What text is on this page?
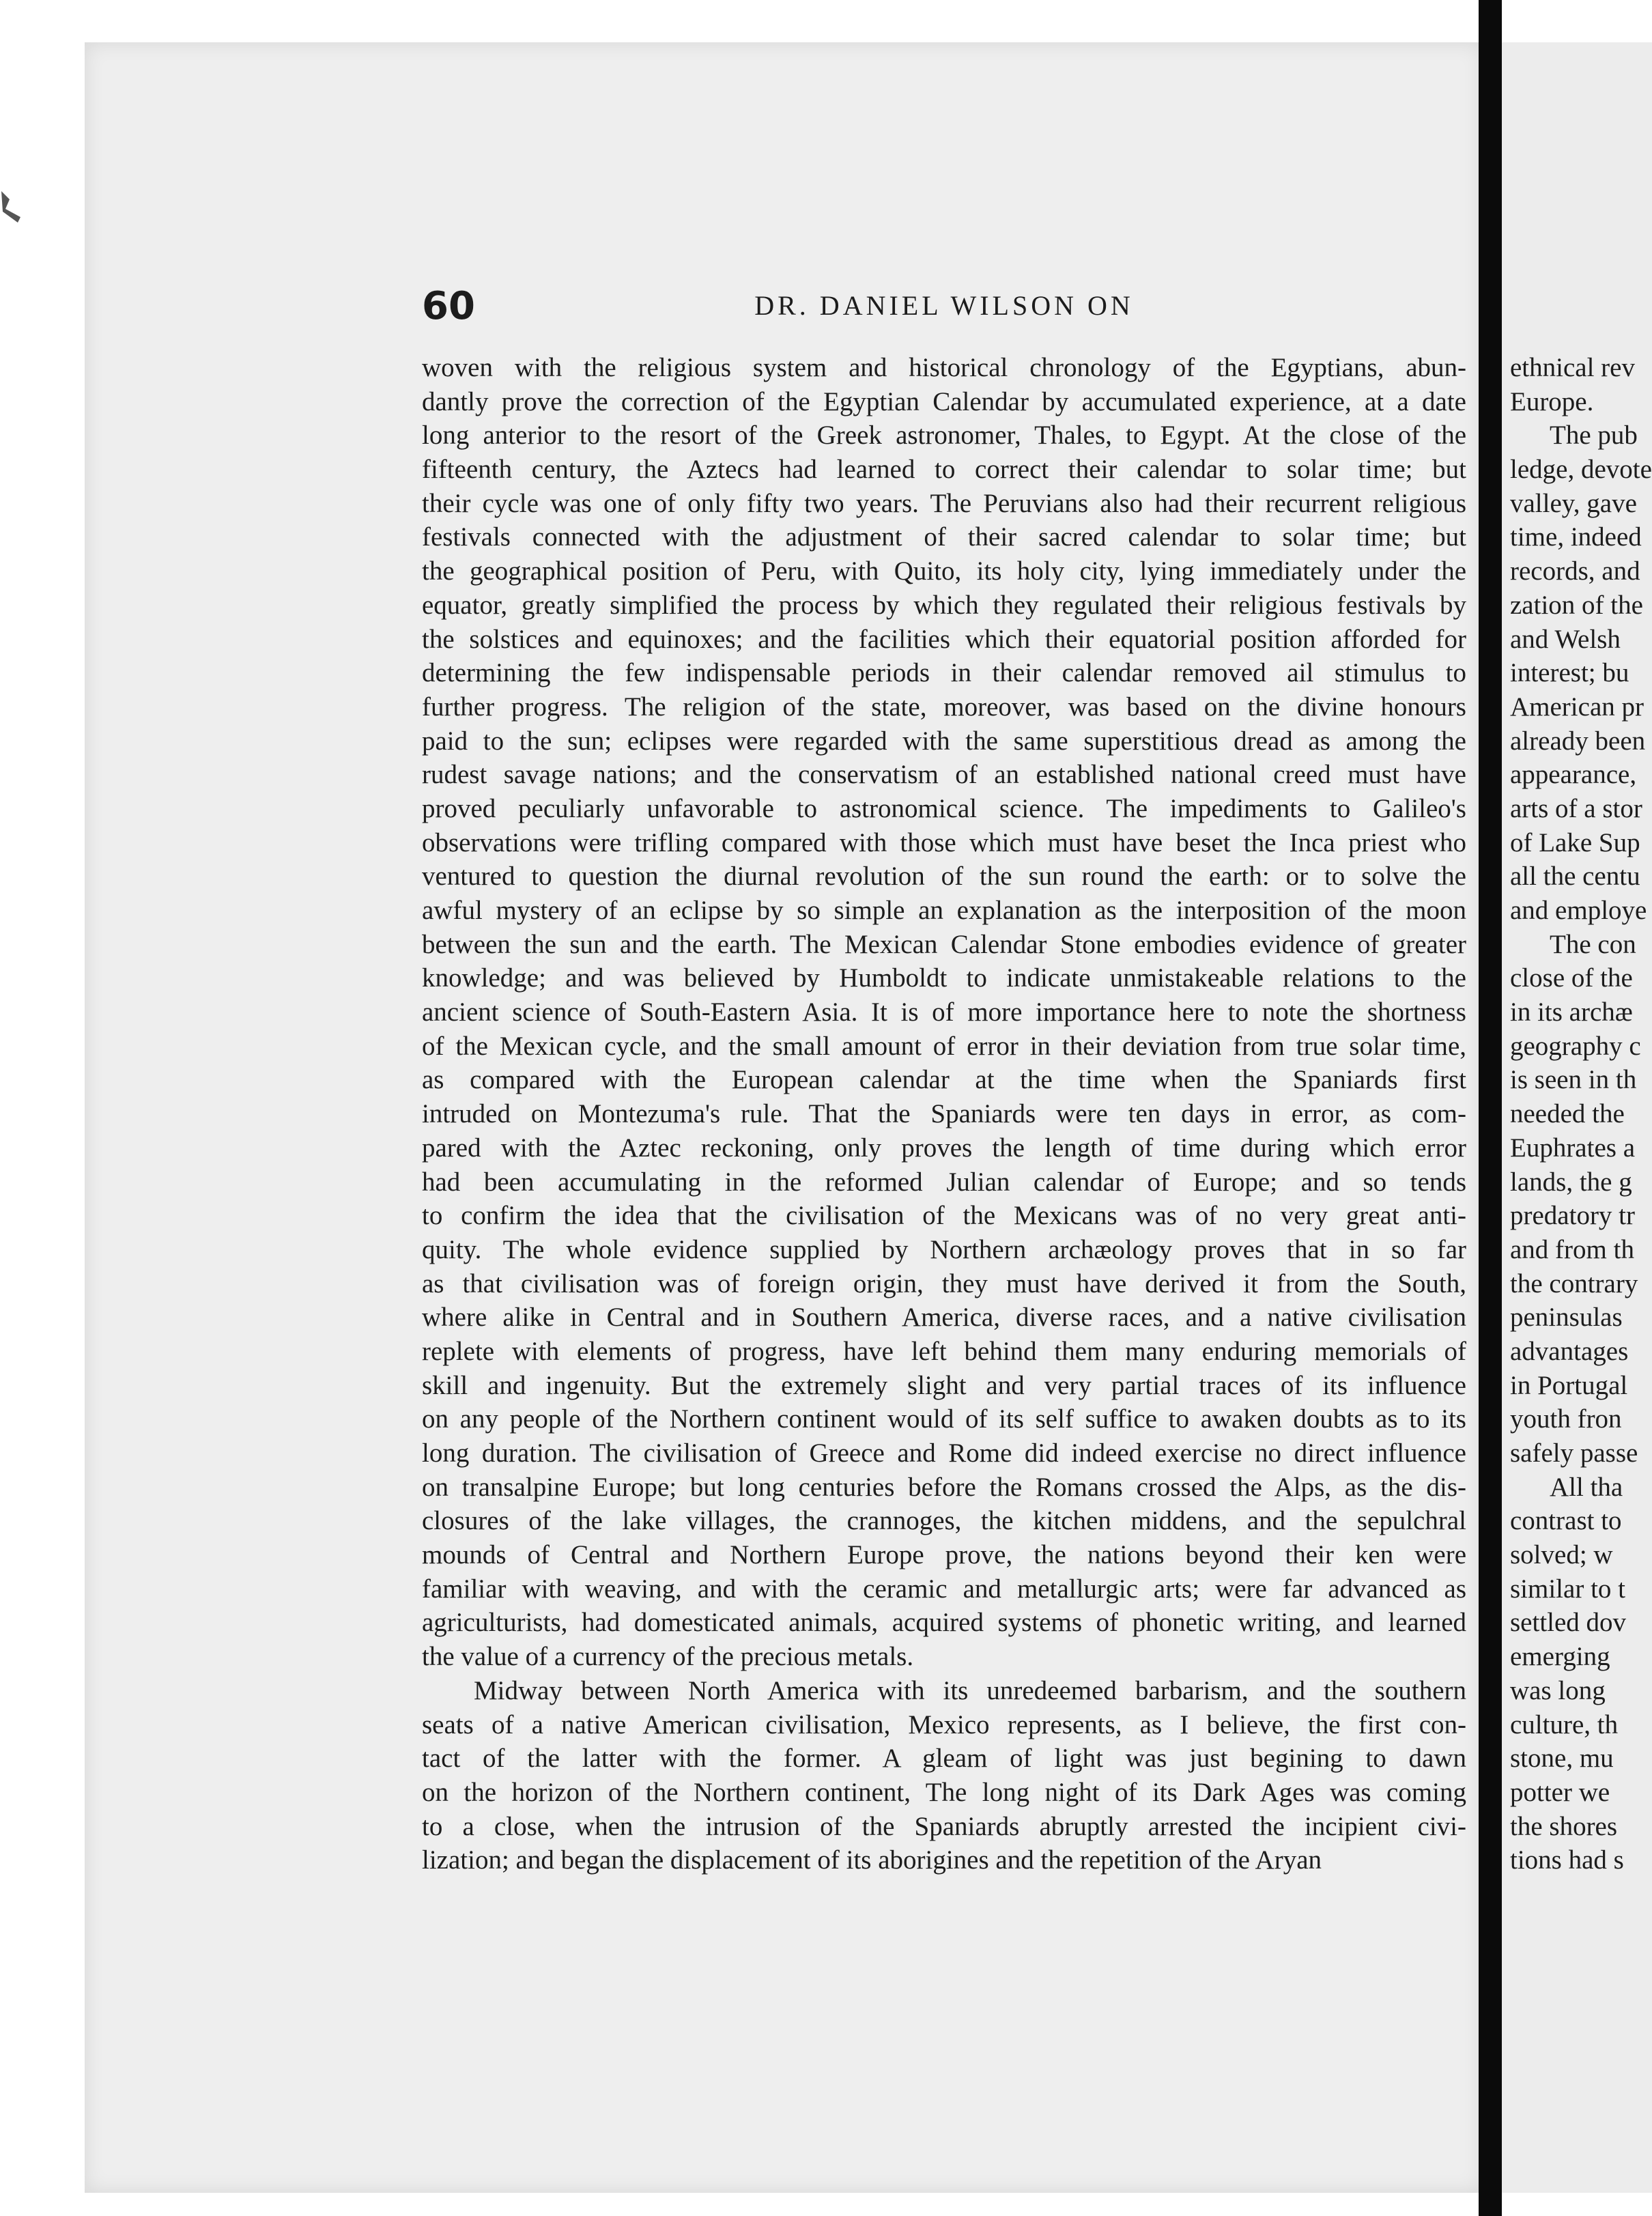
60	DR. DANIEL WILSON ON
woven with the religious system and historical chronology of the Egyptians, abun-
dantly prove the correction of the Egyptian Calendar by accumulated experience, at a date
long anterior to the resort of the Greek astronomer, Thales, to Egypt. At the close of the
fifteenth century, the Aztecs had learned to correct their calendar to solar time; but
their cycle was one of only fifty two years. The Peruvians also had their recurrent religious
festivals connected with the adjustment of their sacred calendar to solar time; but
the geographical position of Peru, with Quito, its holy city, lying immediately under the
equator, greatly simplified the process by which they regulated their religious festivals by
the solstices and equinoxes; and the facilities which their equatorial position afforded for
determining the few indispensable periods in their calendar removed ail stimulus to
further progress. The religion of the state, moreover, was based on the divine honours
paid to the sun; eclipses were regarded with the same superstitious dread as among the
rudest savage nations; and the conservatism of an established national creed must have
proved peculiarly unfavorable to astronomical science. The impediments to Galileo's
observations were trifling compared with those which must have beset the Inca priest who
ventured to question the diurnal revolution of the sun round the earth: or to solve the
awful mystery of an eclipse by so simple an explanation as the interposition of the moon
between the sun and the earth. The Mexican Calendar Stone embodies evidence of greater
knowledge; and was believed by Humboldt to indicate unmistakeable relations to the
ancient science of South-Eastern Asia. It is of more importance here to note the shortness
of the Mexican cycle, and the small amount of error in their deviation from true solar time,
as compared with the European calendar at the time when the Spaniards first
intruded on Montezuma's rule. That the Spaniards were ten days in error, as com-
pared with the Aztec reckoning, only proves the length of time during which error
had been accumulating in the reformed Julian calendar of Europe; and so tends
to confirm the idea that the civilisation of the Mexicans was of no very great anti-
quity. The whole evidence supplied by Northern archæology proves that in so far
as that civilisation was of foreign origin, they must have derived it from the South,
where alike in Central and in Southern America, diverse races, and a native civilisation
replete with elements of progress, have left behind them many enduring memorials of
skill and ingenuity. But the extremely slight and very partial traces of its influence
on any people of the Northern continent would of its self suffice to awaken doubts as to its
long duration. The civilisation of Greece and Rome did indeed exercise no direct influence
on transalpine Europe; but long centuries before the Romans crossed the Alps, as the dis-
closures of the lake villages, the crannoges, the kitchen middens, and the sepulchral
mounds of Central and Northern Europe prove, the nations beyond their ken were
familiar with weaving, and with the ceramic and metallurgic arts; were far advanced as
agriculturists, had domesticated animals, acquired systems of phonetic writing, and learned
the value of a currency of the precious metals.
Midway between North America with its unredeemed barbarism, and the southern
seats of a native American civilisation, Mexico represents, as I believe, the first con-
tact of the latter with the former. A gleam of light was just begining to dawn
on the horizon of the Northern continent, The long night of its Dark Ages was coming
to a close, when the intrusion of the Spaniards abruptly arrested the incipient civi-
lization; and began the displacement of its aborigines and the repetition of the Aryan
ethnical rev
Europe.
The pub
ledge, devote
valley, gave
time, indeed
records, and
zation of the
and Welsh
interest; bu
American pr
already been
appearance,
arts of a stor
of Lake Sup
all the centu
and employe
The con
close of the
in its archæ
geography c
is seen in th
needed the
Euphrates a
lands, the g
predatory tr
and from th
the contrary
peninsulas
advantages
in Portugal
youth fron
safely passe
All tha
contrast to
solved; w
similar to t
settled dov
emerging
was long
culture, th
stone, mu
potter we
the shores
tions had s
